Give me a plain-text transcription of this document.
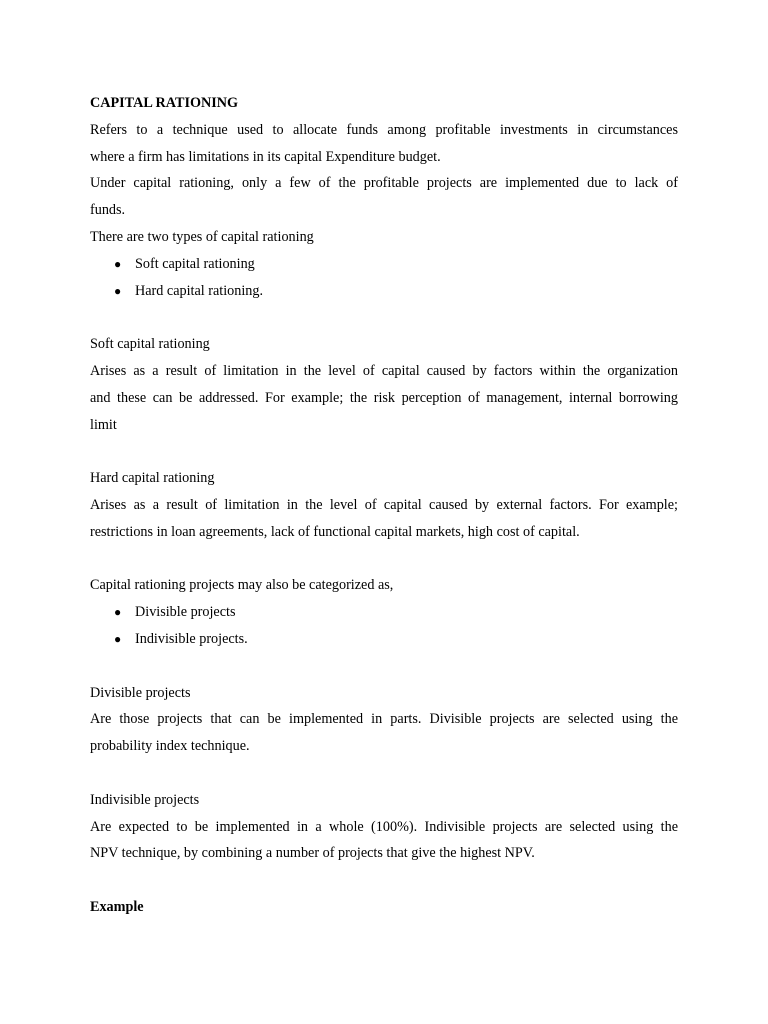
CAPITAL RATIONING
Refers to a technique used to allocate funds among profitable investments in circumstances
where a firm has limitations in its capital Expenditure budget.
Under capital rationing, only a few of the profitable projects are implemented due to lack of
funds.
There are two types of capital rationing
● Soft capital rationing
● Hard capital rationing.
Soft capital rationing
Arises as a result of limitation in the level of capital caused by factors within the organization
and these can be addressed. For example; the risk perception of management, internal borrowing
limit
Hard capital rationing
Arises as a result of limitation in the level of capital caused by external factors. For example;
restrictions in loan agreements, lack of functional capital markets, high cost of capital.
Capital rationing projects may also be categorized as,
● Divisible projects
● Indivisible projects.
Divisible projects
Are those projects that can be implemented in parts. Divisible projects are selected using the
probability index technique.
Indivisible projects
Are expected to be implemented in a whole (100%). Indivisible projects are selected using the
NPV technique, by combining a number of projects that give the highest NPV.
Example
